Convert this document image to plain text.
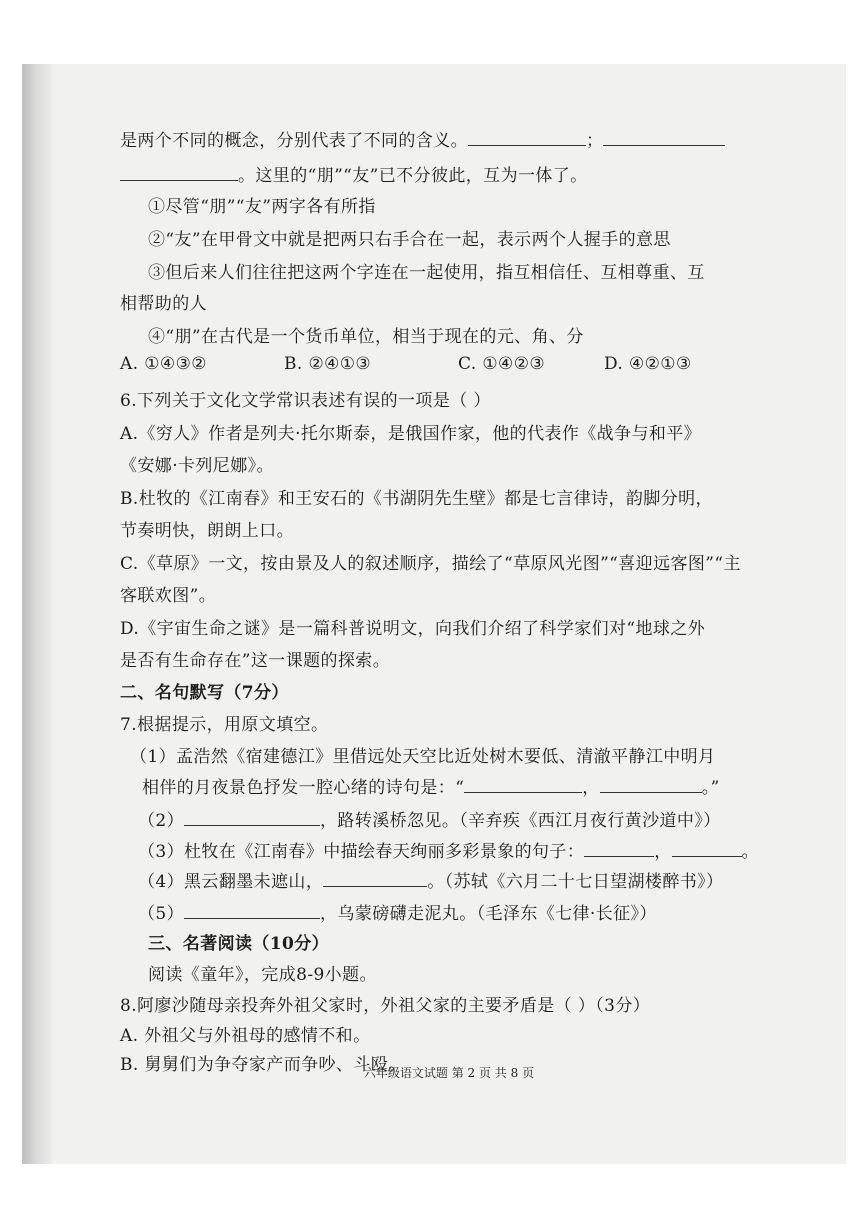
是两个不同的概念，分别代表了不同的含义。	；
。这里的“朋”“友”已不分彼此，互为一体了。
①尽管“朋”“友”两字各有所指
②“友”在甲骨文中就是把两只右手合在一起，表示两个人握手的意思
③但后来人们往往把这两个字连在一起使用，指互相信任、互相尊重、互
相帮助的人
④“朋”在古代是一个货币单位，相当于现在的元、角、分
A. ①④③②	B. ②④①③	C. ①④②③	D. ④②①③
6.下列关于文化文学常识表述有误的一项是（ ）
A.《穷人》作者是列夫·托尔斯泰，是俄国作家，他的代表作《战争与和平》
《安娜·卡列尼娜》。
B.杜牧的《江南春》和王安石的《书湖阴先生壁》都是七言律诗，韵脚分明，
节奏明快，朗朗上口。
C.《草原》一文，按由景及人的叙述顺序，描绘了“草原风光图”“喜迎远客图”“主
客联欢图”。
D.《宇宙生命之谜》是一篇科普说明文，向我们介绍了科学家们对“地球之外
是否有生命存在”这一课题的探索。
二、名句默写（7分）
7.根据提示，用原文填空。
（1）孟浩然《宿建德江》里借远处天空比近处树木要低、清澈平静江中明月
相伴的月夜景色抒发一腔心绪的诗句是：“	，	。”
（2）	，路转溪桥忽见。（辛弃疾《西江月夜行黄沙道中》）
（3）杜牧在《江南春》中描绘春天绚丽多彩景象的句子：	，	。
（4）黑云翻墨未遮山，	。（苏轼《六月二十七日望湖楼醉书》）
（5）	，乌蒙磅礴走泥丸。（毛泽东《七律·长征》）
三、名著阅读（10分）
阅读《童年》，完成8-9小题。
8.阿廖沙随母亲投奔外祖父家时，外祖父家的主要矛盾是（ ）（3分）
A. 外祖父与外祖母的感情不和。
B. 舅舅们为争夺家产而争吵、斗殴。
六年级语文试题 第 2 页 共 8 页
